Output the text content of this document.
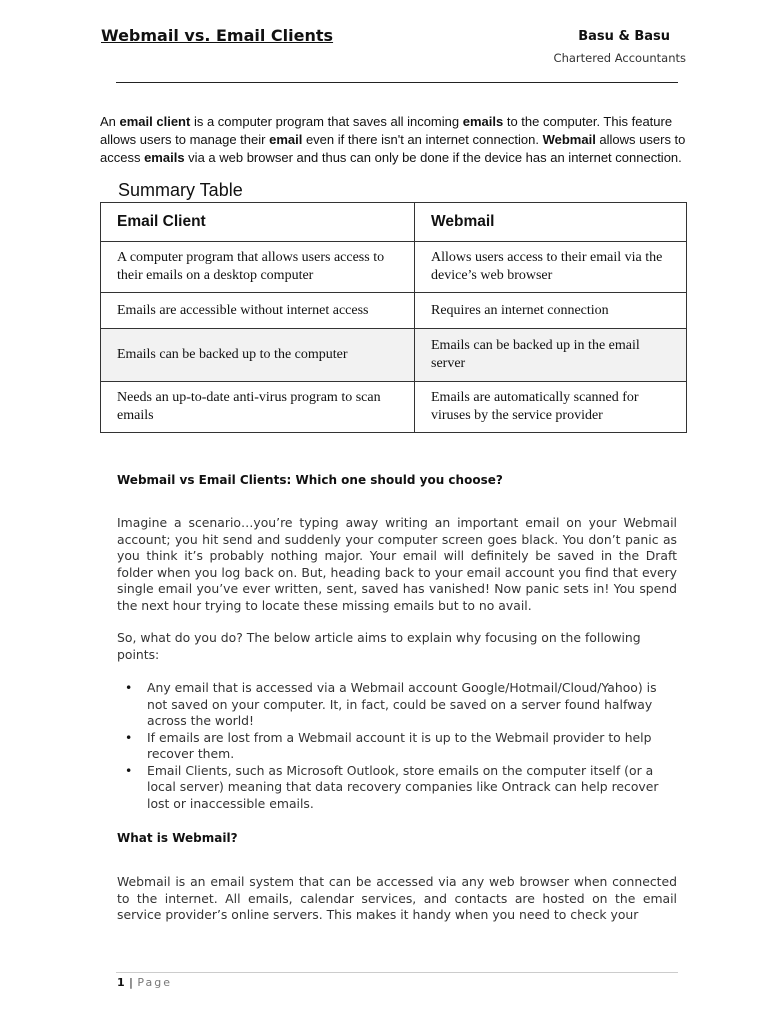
Webmail vs. Email Clients	Basu & Basu
Chartered Accountants
An email client is a computer program that saves all incoming emails to the computer. This feature allows users to manage their email even if there isn't an internet connection. Webmail allows users to access emails via a web browser and thus can only be done if the device has an internet connection.
Summary Table
Email Client	Webmail
A computer program that allows users access to their emails on a desktop computer	Allows users access to their email via the device’s web browser
Emails are accessible without internet access	Requires an internet connection
Emails can be backed up to the computer	Emails can be backed up in the email server
Needs an up-to-date anti-virus program to scan emails	Emails are automatically scanned for viruses by the service provider
Webmail vs Email Clients: Which one should you choose?
Imagine a scenario…you’re typing away writing an important email on your Webmail account; you hit send and suddenly your computer screen goes black. You don’t panic as you think it’s probably nothing major. Your email will definitely be saved in the Draft folder when you log back on. But, heading back to your email account you find that every single email you’ve ever written, sent, saved has vanished! Now panic sets in! You spend the next hour trying to locate these missing emails but to no avail.
So, what do you do? The below article aims to explain why focusing on the following points:
• Any email that is accessed via a Webmail account Google/Hotmail/Cloud/Yahoo) is not saved on your computer. It, in fact, could be saved on a server found halfway across the world!
• If emails are lost from a Webmail account it is up to the Webmail provider to help recover them.
• Email Clients, such as Microsoft Outlook, store emails on the computer itself (or a local server) meaning that data recovery companies like Ontrack can help recover lost or inaccessible emails.
What is Webmail?
Webmail is an email system that can be accessed via any web browser when connected to the internet. All emails, calendar services, and contacts are hosted on the email service provider’s online servers. This makes it handy when you need to check your
1 | Page
